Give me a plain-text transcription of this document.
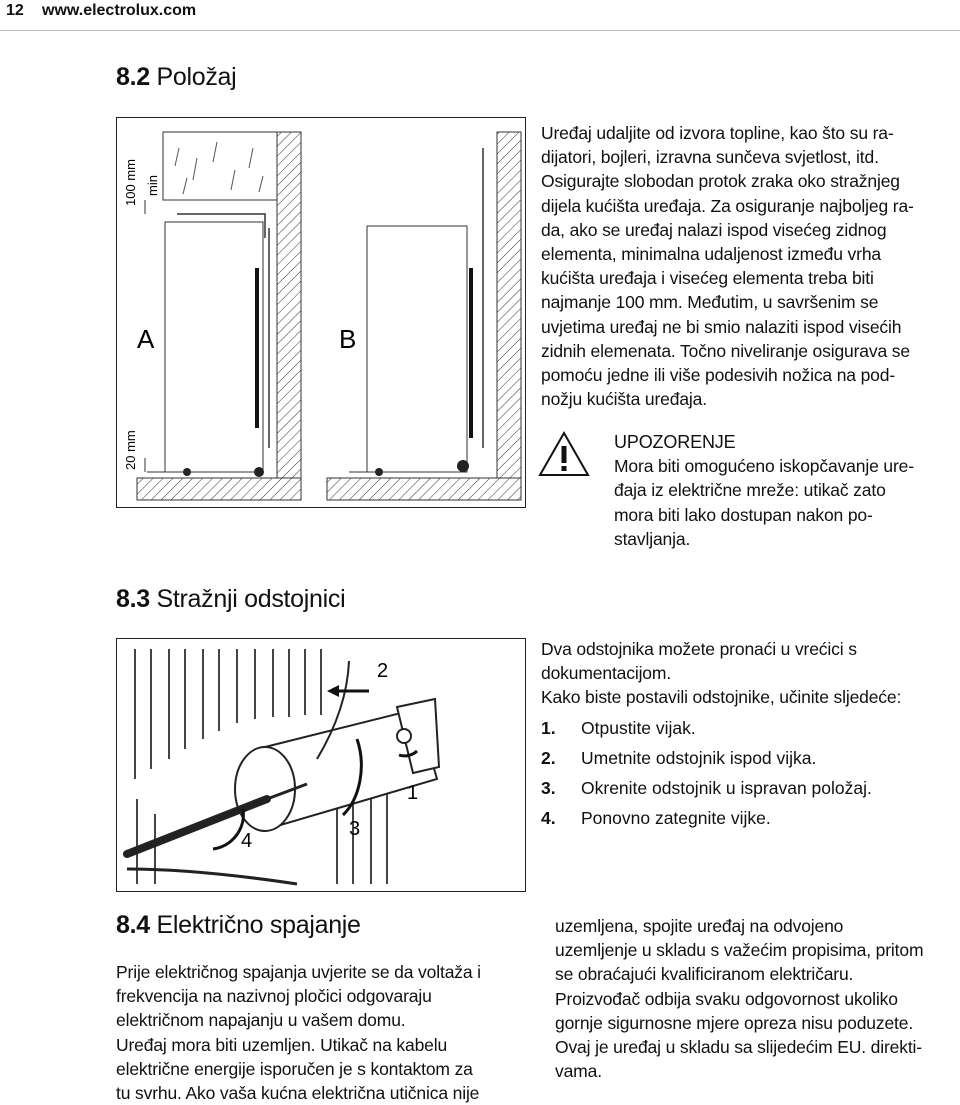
12 www.electrolux.com
8.2 Položaj
A
100 mm min
20 mm
B

Uređaj udaljite od izvora topline, kao što su ra-

dijatori, bojleri, izravna sunčeva svjetlost, itd.

Osigurajte slobodan protok zraka oko stražnjeg

dijela kućišta uređaja. Za osiguranje najboljeg ra-

da, ako se uređaj nalazi ispod visećeg zidnog

elementa, minimalna udaljenost između vrha

kućišta uređaja i visećeg elementa treba biti

najmanje 100 mm. Međutim, u savršenim se

uvjetima uređaj ne bi smio nalaziti ispod visećih

zidnih elemenata. Točno niveliranje osigurava se

pomoću jedne ili više podesivih nožica na pod-

nožju kućišta uređaja.

UPOZORENJE

Mora biti omogućeno iskopčavanje ure-

đaja iz električne mreže: utikač zato

mora biti lako dostupan nakon po-

stavljanja.

8.3 Stražnji odstojnici
2
1
3
4

Dva odstojnika možete pronaći u vrećici s

dokumentacijom.

Kako biste postavili odstojnike, učinite sljedeće:

1.	Otpustite vijak.
2.	Umetnite odstojnik ispod vijka.
3.	Okrenite odstojnik u ispravan položaj.
4.	Ponovno zategnite vijke.
8.4 Električno spajanje

Prije električnog spajanja uvjerite se da voltaža i

frekvencija na nazivnoj pločici odgovaraju

električnom napajanju u vašem domu.

Uređaj mora biti uzemljen. Utikač na kabelu

električne energije isporučen je s kontaktom za

tu svrhu. Ako vaša kućna električna utičnica nije

uzemljena, spojite uređaj na odvojeno

uzemljenje u skladu s važećim propisima, pritom

se obraćajući kvalificiranom električaru.

Proizvođač odbija svaku odgovornost ukoliko

gornje sigurnosne mjere opreza nisu poduzete.

Ovaj je uređaj u skladu sa slijedećim EU. direkti-

vama.
